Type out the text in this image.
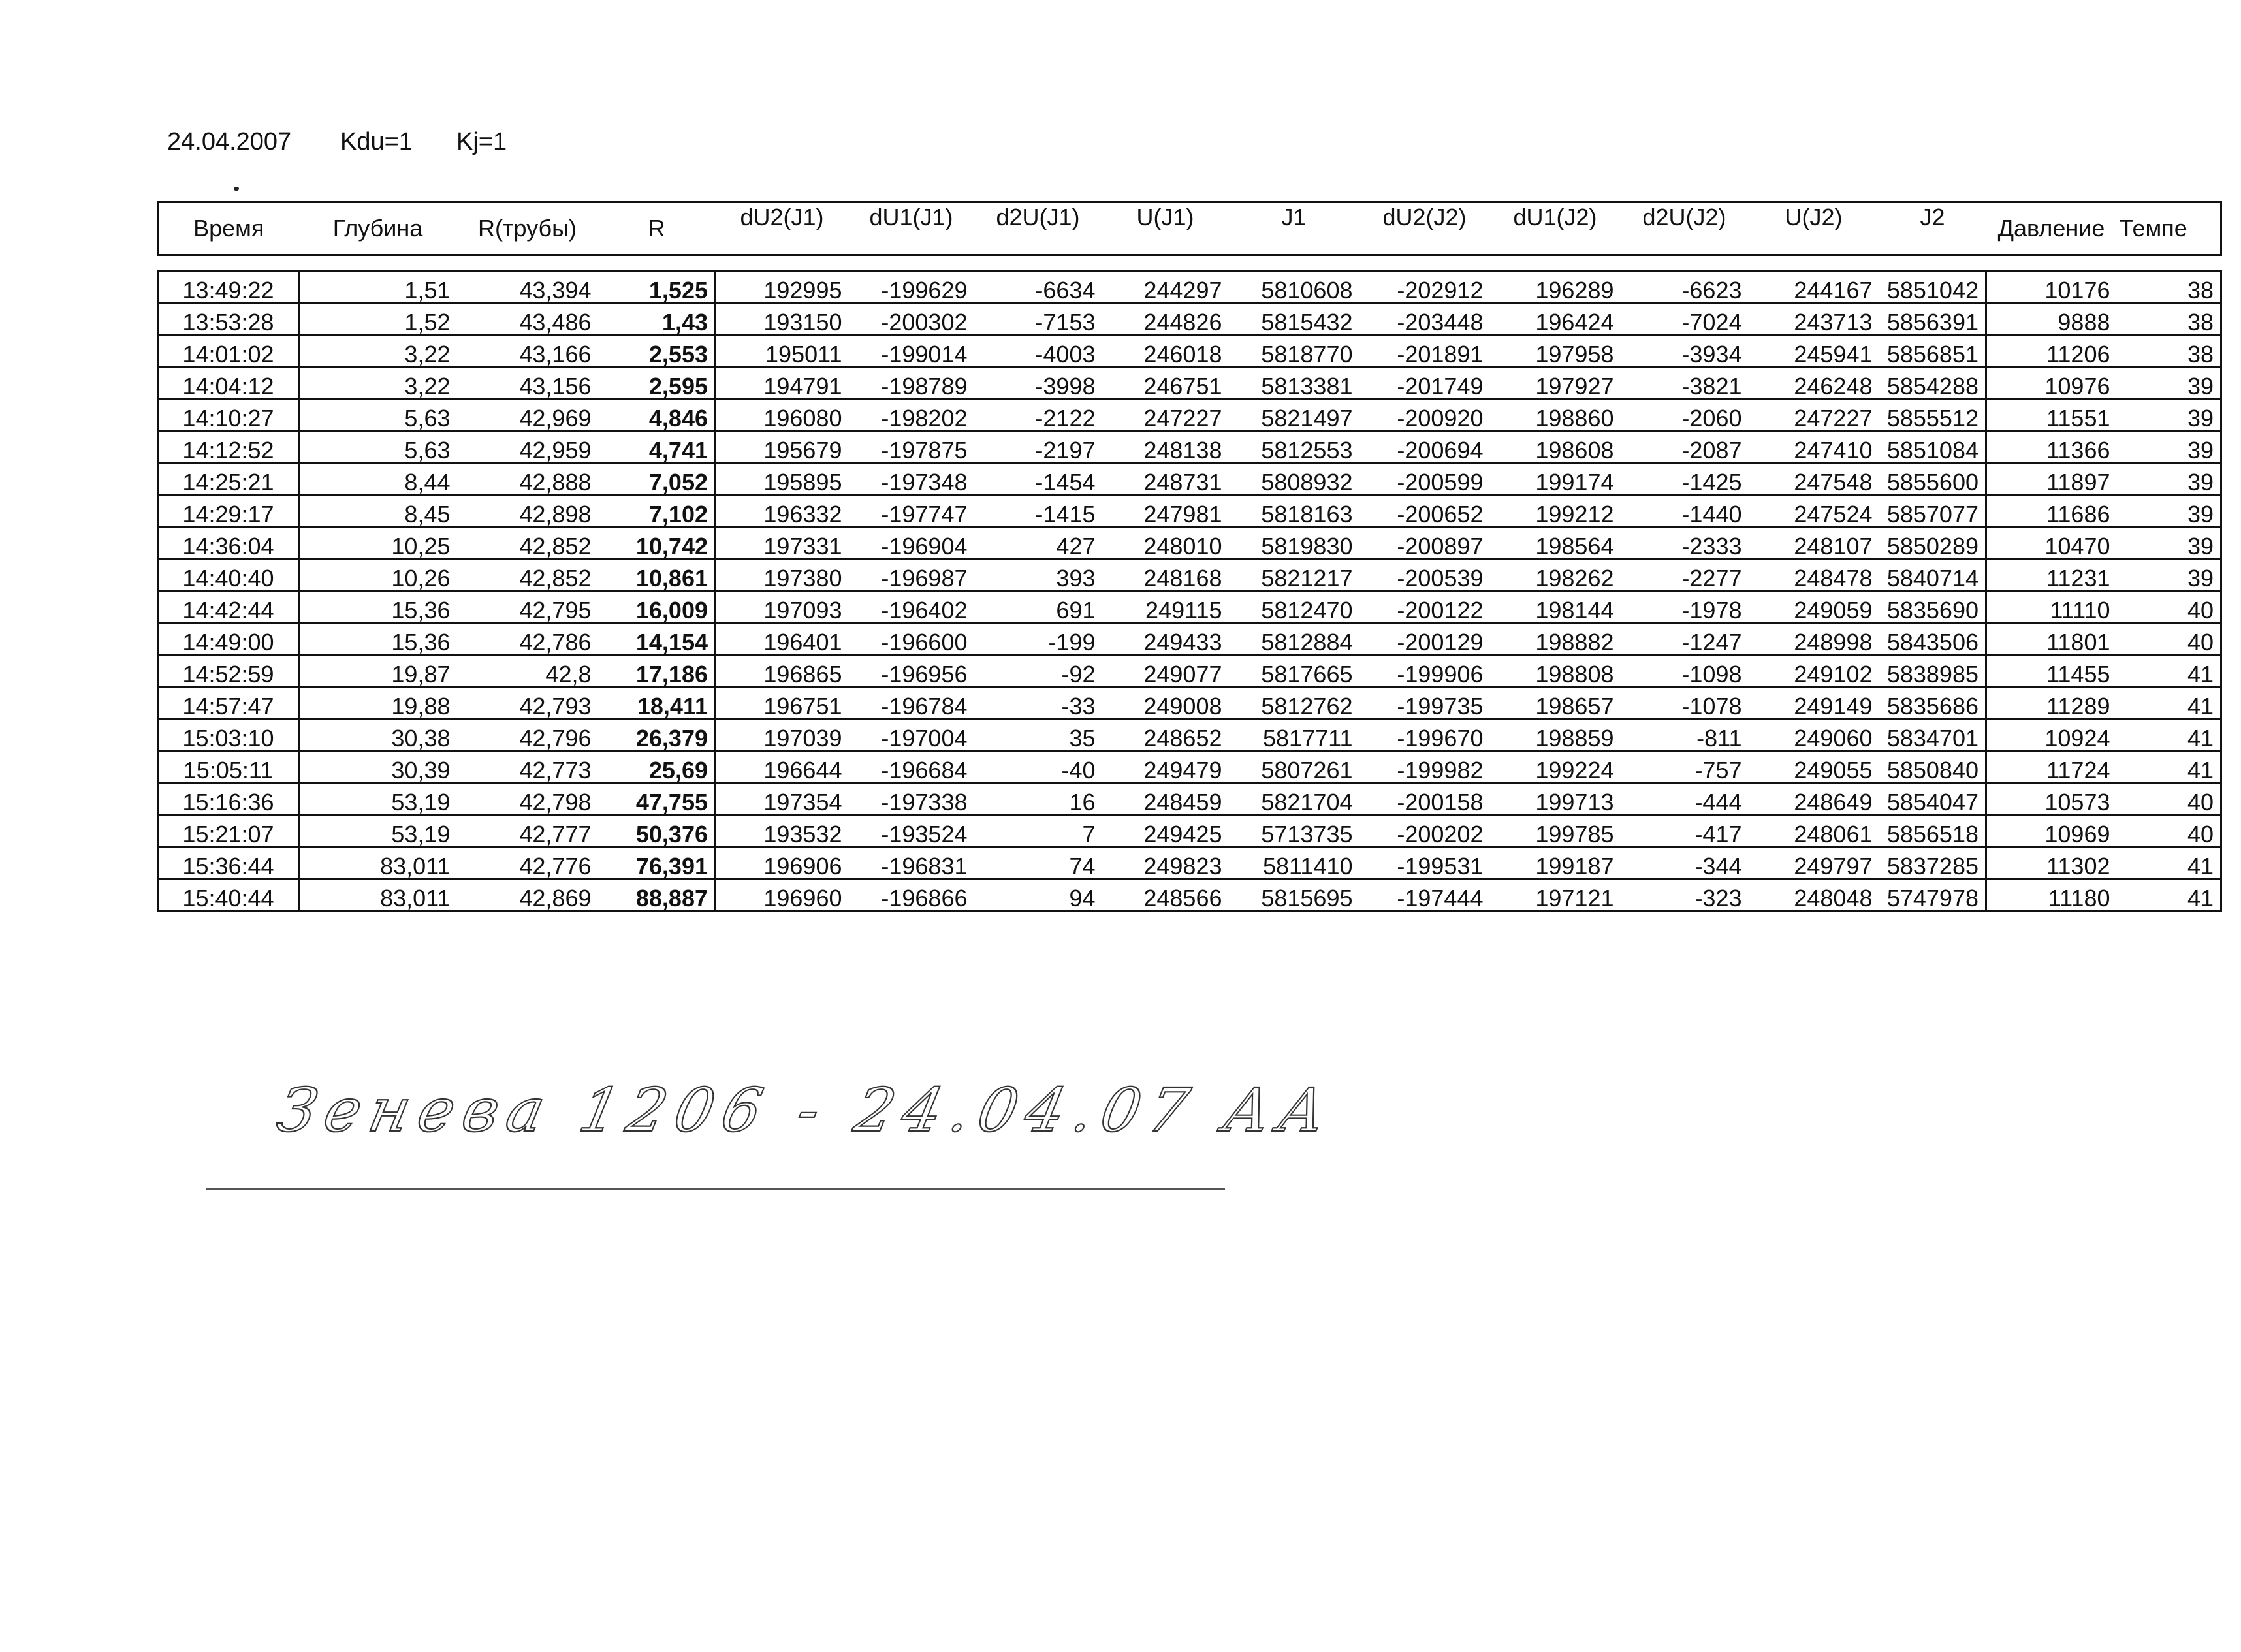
24.04.2007	Kdu=1	Kj=1
Время	Глубина	R(трубы)	R	dU2(J1)	dU1(J1)	d2U(J1)	U(J1)	J1	dU2(J2)	dU1(J2)	d2U(J2)	U(J2)	J2	Давление	Темпе

13:49:22	1,51	43,394	1,525	192995	-199629	-6634	244297	5810608	-202912	196289	-6623	244167	5851042	10176	38
13:53:28	1,52	43,486	1,43	193150	-200302	-7153	244826	5815432	-203448	196424	-7024	243713	5856391	9888	38
14:01:02	3,22	43,166	2,553	195011	-199014	-4003	246018	5818770	-201891	197958	-3934	245941	5856851	11206	38
14:04:12	3,22	43,156	2,595	194791	-198789	-3998	246751	5813381	-201749	197927	-3821	246248	5854288	10976	39
14:10:27	5,63	42,969	4,846	196080	-198202	-2122	247227	5821497	-200920	198860	-2060	247227	5855512	11551	39
14:12:52	5,63	42,959	4,741	195679	-197875	-2197	248138	5812553	-200694	198608	-2087	247410	5851084	11366	39
14:25:21	8,44	42,888	7,052	195895	-197348	-1454	248731	5808932	-200599	199174	-1425	247548	5855600	11897	39
14:29:17	8,45	42,898	7,102	196332	-197747	-1415	247981	5818163	-200652	199212	-1440	247524	5857077	11686	39
14:36:04	10,25	42,852	10,742	197331	-196904	427	248010	5819830	-200897	198564	-2333	248107	5850289	10470	39
14:40:40	10,26	42,852	10,861	197380	-196987	393	248168	5821217	-200539	198262	-2277	248478	5840714	11231	39
14:42:44	15,36	42,795	16,009	197093	-196402	691	249115	5812470	-200122	198144	-1978	249059	5835690	11110	40
14:49:00	15,36	42,786	14,154	196401	-196600	-199	249433	5812884	-200129	198882	-1247	248998	5843506	11801	40
14:52:59	19,87	42,8	17,186	196865	-196956	-92	249077	5817665	-199906	198808	-1098	249102	5838985	11455	41
14:57:47	19,88	42,793	18,411	196751	-196784	-33	249008	5812762	-199735	198657	-1078	249149	5835686	11289	41
15:03:10	30,38	42,796	26,379	197039	-197004	35	248652	5817711	-199670	198859	-811	249060	5834701	10924	41
15:05:11	30,39	42,773	25,69	196644	-196684	-40	249479	5807261	-199982	199224	-757	249055	5850840	11724	41
15:16:36	53,19	42,798	47,755	197354	-197338	16	248459	5821704	-200158	199713	-444	248649	5854047	10573	40
15:21:07	53,19	42,777	50,376	193532	-193524	7	249425	5713735	-200202	199785	-417	248061	5856518	10969	40
15:36:44	83,011	42,776	76,391	196906	-196831	74	249823	5811410	-199531	199187	-344	249797	5837285	11302	41
15:40:44	83,011	42,869	88,887	196960	-196866	94	248566	5815695	-197444	197121	-323	248048	5747978	11180	41
Зенева 1206 - 24.04.07 АА
